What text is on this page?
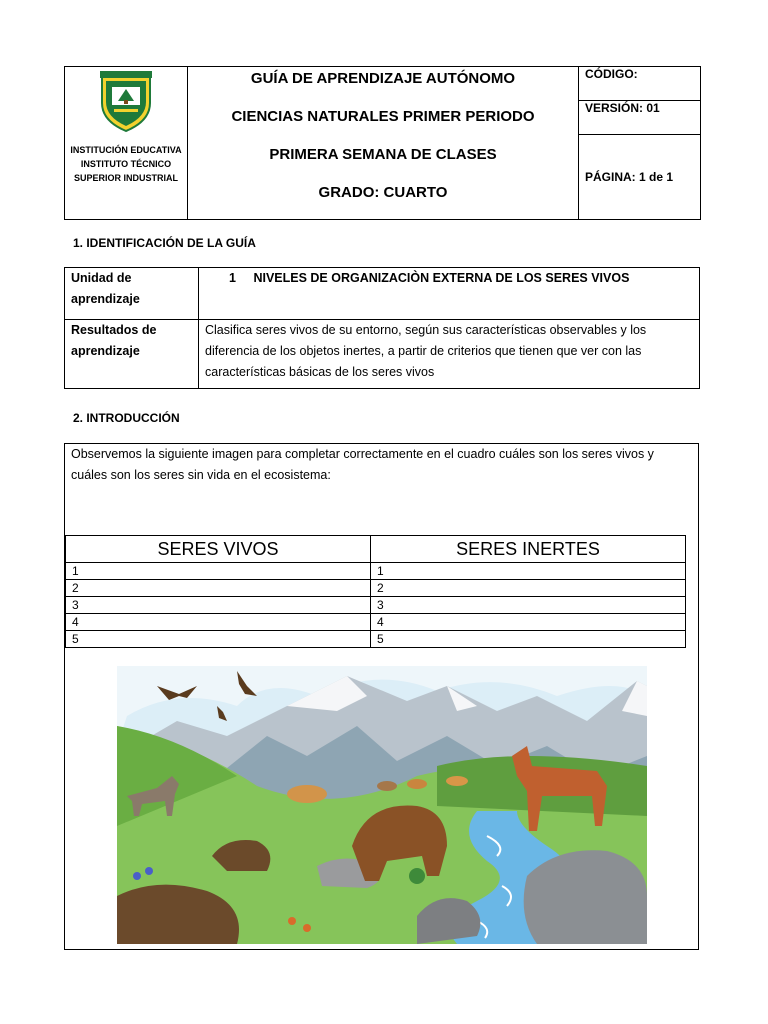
INSTITUCIÓN EDUCATIVA
INSTITUTO TÉCNICO
SUPERIOR INDUSTRIAL

GUÍA DE APRENDIZAJE AUTÓNOMO
CIENCIAS NATURALES PRIMER PERIODO
PRIMERA SEMANA DE CLASES
GRADO: CUARTO
	CÓDIGO:
VERSIÓN: 01
PÁGINA: 1 de 1
1. IDENTIFICACIÓN DE LA GUÍA
Unidad de aprendizaje	1 NIVELES DE ORGANIZACIÒN EXTERNA DE LOS SERES VIVOS
Resultados de aprendizaje	Clasifica seres vivos de su entorno, según sus características observables y los diferencia de los objetos inertes, a partir de criterios que tienen que ver con las características básicas de los seres vivos
2. INTRODUCCIÓN
Observemos la siguiente imagen para completar correctamente en el cuadro cuáles son los seres vivos y cuáles son los seres sin vida en el ecosistema:
SERES VIVOS	SERES INERTES
1	1
2	2
3	3
4	4
5	5
